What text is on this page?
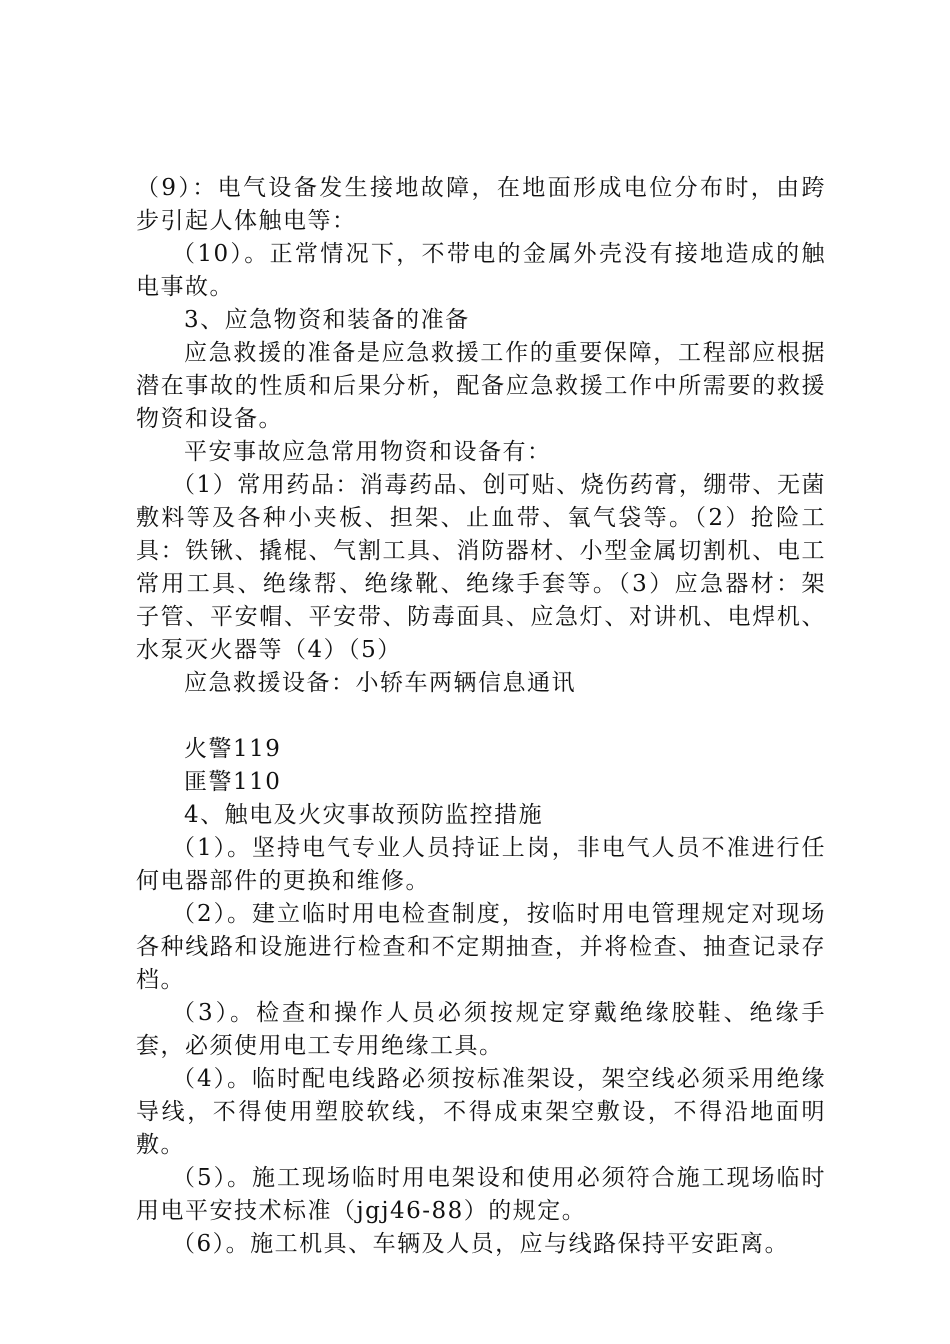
（9）：电气设备发生接地故障，在地面形成电位分布时，由跨步引起人体触电等：

（10）。正常情况下，不带电的金属外壳没有接地造成的触电事故。

3、应急物资和装备的准备

应急救援的准备是应急救援工作的重要保障，工程部应根据潜在事故的性质和后果分析，配备应急救援工作中所需要的救援物资和设备。

平安事故应急常用物资和设备有：

（1）常用药品：消毒药品、创可贴、烧伤药膏，绷带、无菌敷料等及各种小夹板、担架、止血带、氧气袋等。（2）抢险工具：铁锹、撬棍、气割工具、消防器材、小型金属切割机、电工常用工具、绝缘帮、绝缘靴、绝缘手套等。（3）应急器材：架子管、平安帽、平安带、防毒面具、应急灯、对讲机、电焊机、水泵灭火器等（4）（5）

应急救援设备：小轿车两辆信息通讯

火警119

匪警110

4、触电及火灾事故预防监控措施

（1）。坚持电气专业人员持证上岗，非电气人员不准进行任何电器部件的更换和维修。

（2）。建立临时用电检查制度，按临时用电管理规定对现场各种线路和设施进行检查和不定期抽查，并将检查、抽查记录存档。

（3）。检查和操作人员必须按规定穿戴绝缘胶鞋、绝缘手套，必须使用电工专用绝缘工具。

（4）。临时配电线路必须按标准架设，架空线必须采用绝缘导线，不得使用塑胶软线，不得成束架空敷设，不得沿地面明敷。

（5）。施工现场临时用电架设和使用必须符合施工现场临时用电平安技术标准（jgj46-88）的规定。

（6）。施工机具、车辆及人员，应与线路保持平安距离。
